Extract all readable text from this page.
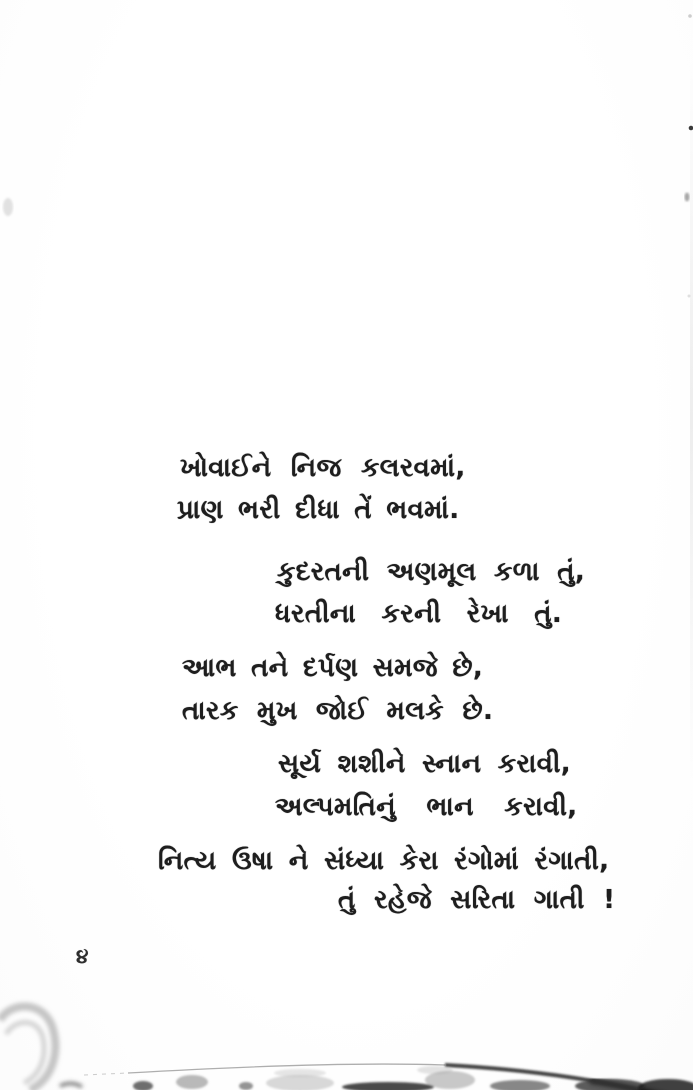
ખોવાઈને નિજ કલરવમાં,
પ્રાણ ભરી દીધા તેં ભવમાં.
કુદરતની અણમૂલ કળા તું,
ધરતીના કરની રેખા તું.
આભ તને દર્પણ સમજે છે,
તારક મુખ જોઈ મલકે છે.
સૂર્ય શશીને સ્નાન કરાવી,
અલ્પમતિનું ભાન કરાવી,
નિત્ય ઉષા ને સંધ્યા કેરા રંગોમાં રંગાતી,
તું રહેજે સરિતા ગાતી !
૪
